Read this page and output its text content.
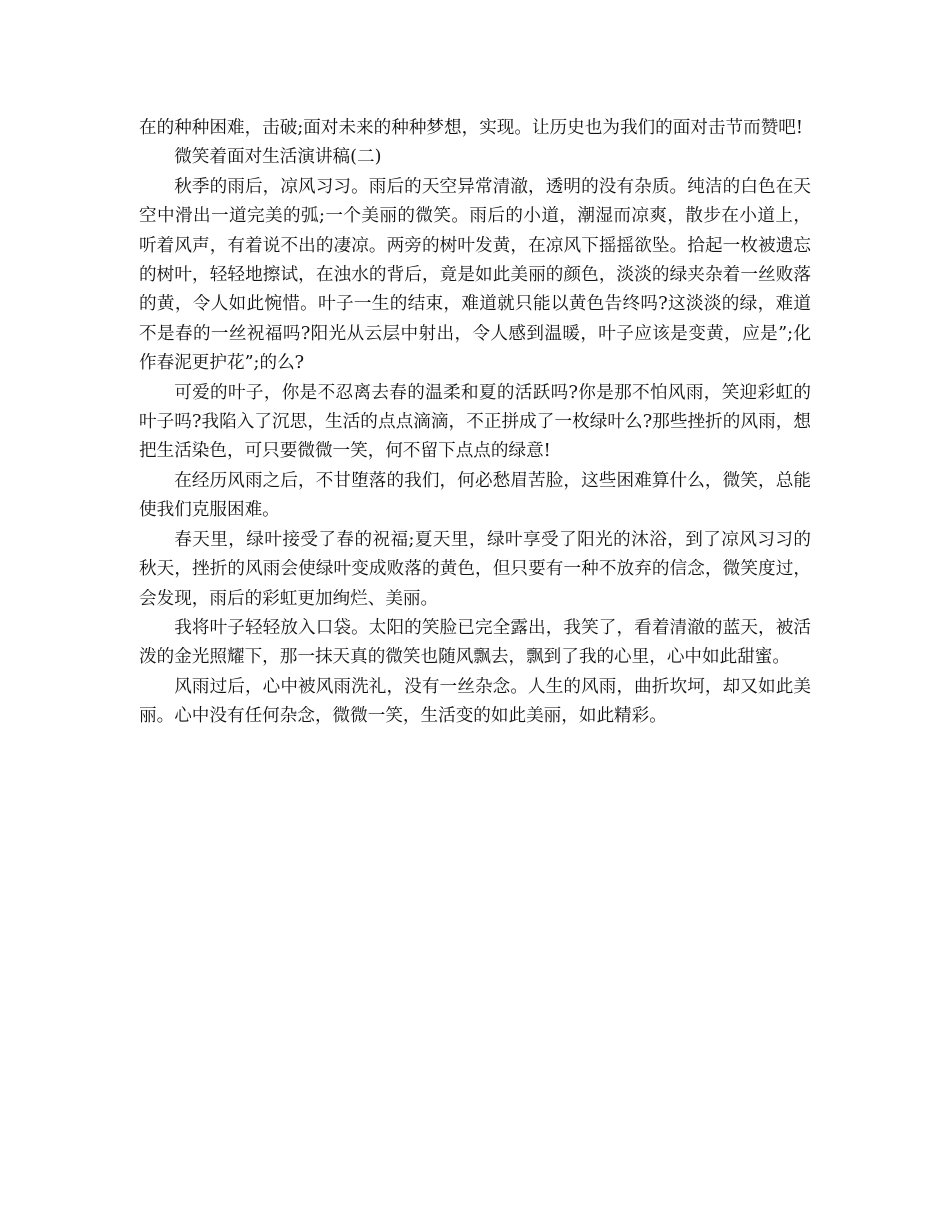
在的种种困难，击破;面对未来的种种梦想，实现。让历史也为我们的面对击节而赞吧!

微笑着面对生活演讲稿(二)

秋季的雨后，凉风习习。雨后的天空异常清澈，透明的没有杂质。纯洁的白色在天空中滑出一道完美的弧;一个美丽的微笑。雨后的小道，潮湿而凉爽，散步在小道上，听着风声，有着说不出的凄凉。两旁的树叶发黄，在凉风下摇摇欲坠。拾起一枚被遗忘的树叶，轻轻地擦试，在浊水的背后，竟是如此美丽的颜色，淡淡的绿夹杂着一丝败落的黄，令人如此惋惜。叶子一生的结束，难道就只能以黄色告终吗?这淡淡的绿，难道不是春的一丝祝福吗?阳光从云层中射出，令人感到温暖，叶子应该是变黄，应是”;化作春泥更护花”;的么?

可爱的叶子，你是不忍离去春的温柔和夏的活跃吗?你是那不怕风雨，笑迎彩虹的叶子吗?我陷入了沉思，生活的点点滴滴，不正拼成了一枚绿叶么?那些挫折的风雨，想把生活染色，可只要微微一笑，何不留下点点的绿意!

在经历风雨之后，不甘堕落的我们，何必愁眉苦脸，这些困难算什么，微笑，总能使我们克服困难。

春天里，绿叶接受了春的祝福;夏天里，绿叶享受了阳光的沐浴，到了凉风习习的秋天，挫折的风雨会使绿叶变成败落的黄色，但只要有一种不放弃的信念，微笑度过，会发现，雨后的彩虹更加绚烂、美丽。

我将叶子轻轻放入口袋。太阳的笑脸已完全露出，我笑了，看着清澈的蓝天，被活泼的金光照耀下，那一抹天真的微笑也随风飘去，飘到了我的心里，心中如此甜蜜。

风雨过后，心中被风雨洗礼，没有一丝杂念。人生的风雨，曲折坎坷，却又如此美丽。心中没有任何杂念，微微一笑，生活变的如此美丽，如此精彩。
